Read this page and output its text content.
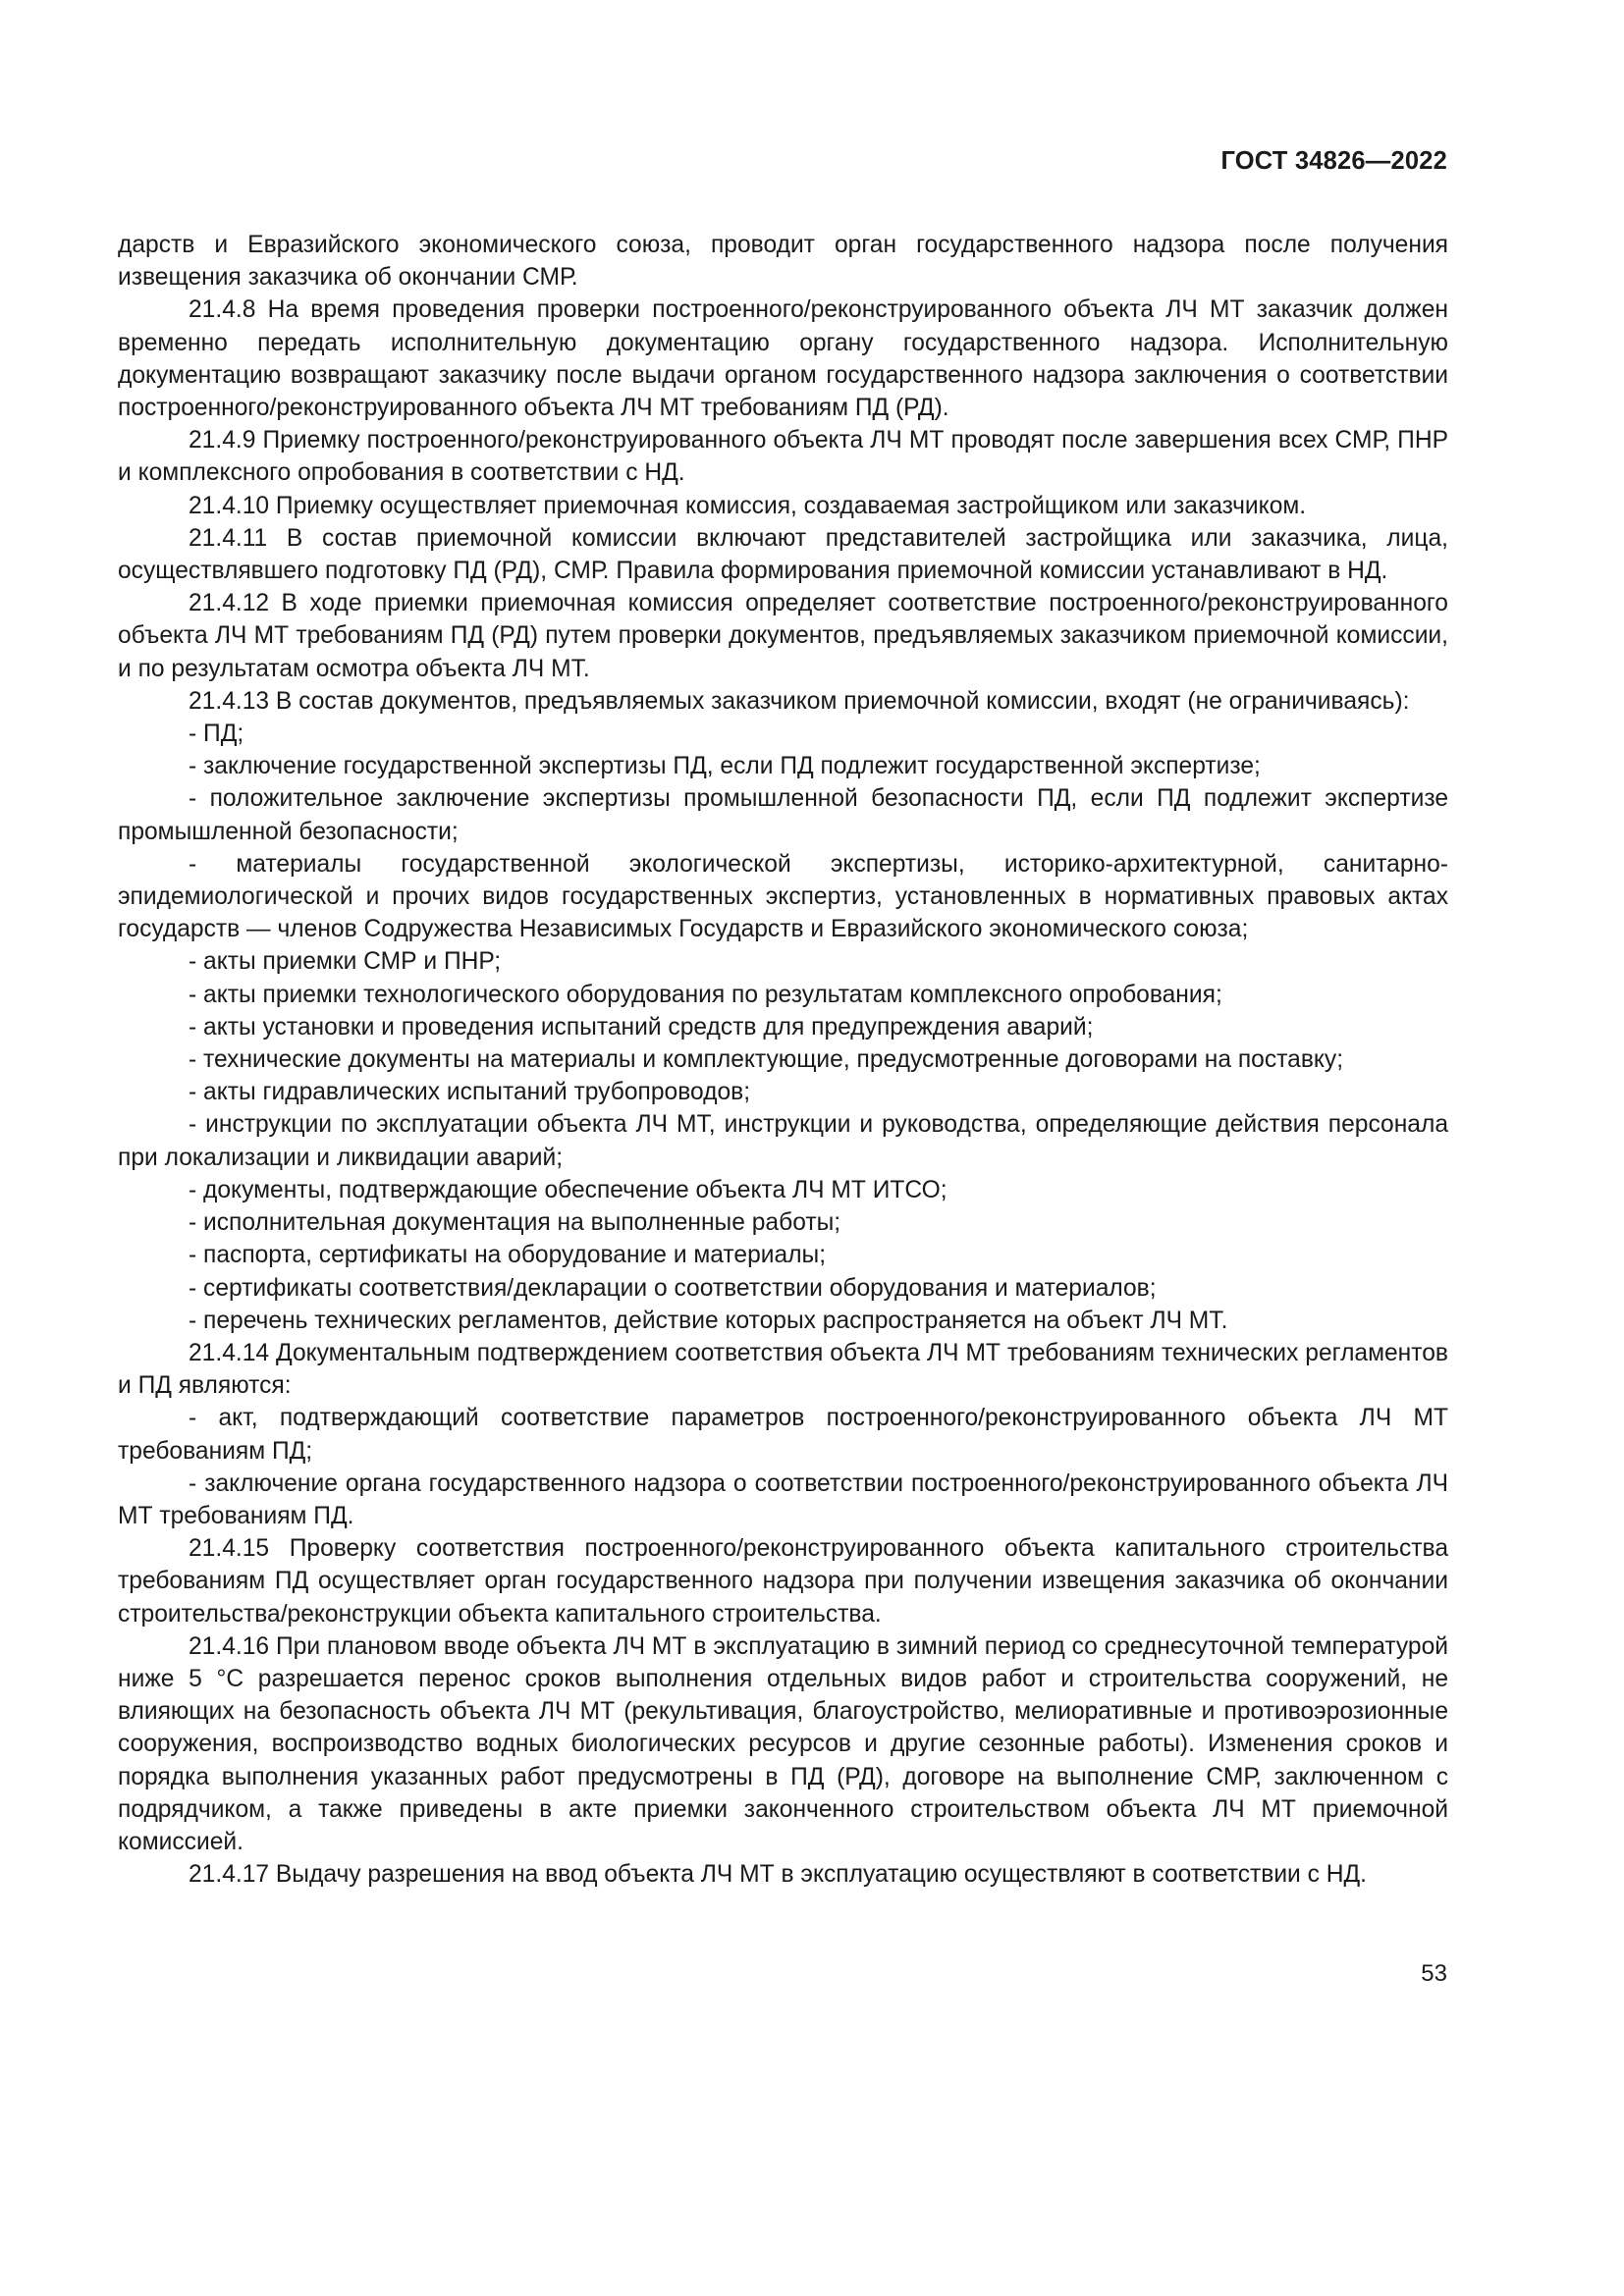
ГОСТ 34826—2022

дарств и Евразийского экономического союза, проводит орган государственного надзора после получения извещения заказчика об окончании СМР.

21.4.8 На время проведения проверки построенного/реконструированного объекта ЛЧ МТ заказчик должен временно передать исполнительную документацию органу государственного надзора. Исполнительную документацию возвращают заказчику после выдачи органом государственного надзора заключения о соответствии построенного/реконструированного объекта ЛЧ МТ требованиям ПД (РД).

21.4.9 Приемку построенного/реконструированного объекта ЛЧ МТ проводят после завершения всех СМР, ПНР и комплексного опробования в соответствии с НД.

21.4.10 Приемку осуществляет приемочная комиссия, создаваемая застройщиком или заказчиком.

21.4.11 В состав приемочной комиссии включают представителей застройщика или заказчика, лица, осуществлявшего подготовку ПД (РД), СМР. Правила формирования приемочной комиссии устанавливают в НД.

21.4.12 В ходе приемки приемочная комиссия определяет соответствие построенного/реконструированного объекта ЛЧ МТ требованиям ПД (РД) путем проверки документов, предъявляемых заказчиком приемочной комиссии, и по результатам осмотра объекта ЛЧ МТ.

21.4.13 В состав документов, предъявляемых заказчиком приемочной комиссии, входят (не ограничиваясь):

- ПД;

- заключение государственной экспертизы ПД, если ПД подлежит государственной экспертизе;

- положительное заключение экспертизы промышленной безопасности ПД, если ПД подлежит экспертизе промышленной безопасности;

- материалы государственной экологической экспертизы, историко-архитектурной, санитарно-эпидемиологической и прочих видов государственных экспертиз, установленных в нормативных правовых актах государств — членов Содружества Независимых Государств и Евразийского экономического союза;

- акты приемки СМР и ПНР;

- акты приемки технологического оборудования по результатам комплексного опробования;

- акты установки и проведения испытаний средств для предупреждения аварий;

- технические документы на материалы и комплектующие, предусмотренные договорами на поставку;

- акты гидравлических испытаний трубопроводов;

- инструкции по эксплуатации объекта ЛЧ МТ, инструкции и руководства, определяющие действия персонала при локализации и ликвидации аварий;

- документы, подтверждающие обеспечение объекта ЛЧ МТ ИТСО;

- исполнительная документация на выполненные работы;

- паспорта, сертификаты на оборудование и материалы;

- сертификаты соответствия/декларации о соответствии оборудования и материалов;

- перечень технических регламентов, действие которых распространяется на объект ЛЧ МТ.

21.4.14 Документальным подтверждением соответствия объекта ЛЧ МТ требованиям технических регламентов и ПД являются:

- акт, подтверждающий соответствие параметров построенного/реконструированного объекта ЛЧ МТ требованиям ПД;

- заключение органа государственного надзора о соответствии построенного/реконструированного объекта ЛЧ МТ требованиям ПД.

21.4.15 Проверку соответствия построенного/реконструированного объекта капитального строительства требованиям ПД осуществляет орган государственного надзора при получении извещения заказчика об окончании строительства/реконструкции объекта капитального строительства.

21.4.16 При плановом вводе объекта ЛЧ МТ в эксплуатацию в зимний период со среднесуточной температурой ниже 5 °С разрешается перенос сроков выполнения отдельных видов работ и строительства сооружений, не влияющих на безопасность объекта ЛЧ МТ (рекультивация, благоустройство, мелиоративные и противоэрозионные сооружения, воспроизводство водных биологических ресурсов и другие сезонные работы). Изменения сроков и порядка выполнения указанных работ предусмотрены в ПД (РД), договоре на выполнение СМР, заключенном с подрядчиком, а также приведены в акте приемки законченного строительством объекта ЛЧ МТ приемочной комиссией.

21.4.17 Выдачу разрешения на ввод объекта ЛЧ МТ в эксплуатацию осуществляют в соответствии с НД.

53
